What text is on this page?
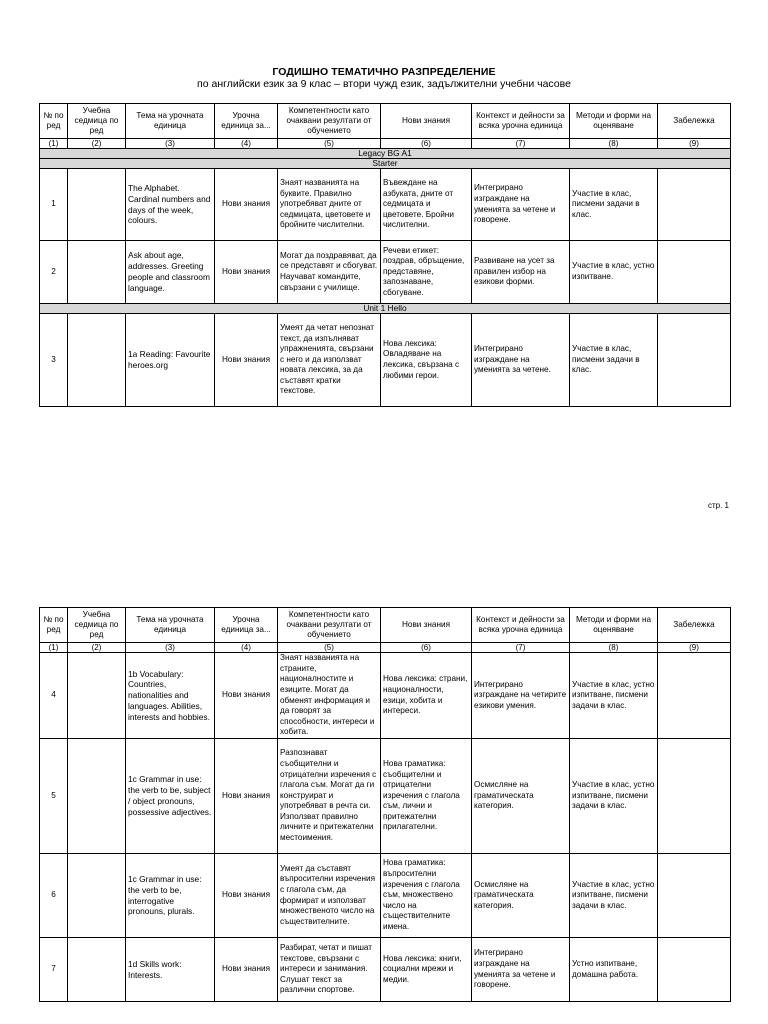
ГОДИШНО ТЕМАТИЧНО РАЗПРЕДЕЛЕНИЕ
по английски език за 9 клас – втори чужд език, задължителни учебни часове
№ по ред	Учебна седмица по ред	Тема на урочната единица	Урочна единица за...	Компетентности като очаквани резултати от обучението	Нови знания	Контекст и дейности за всяка урочна единица	Методи и форми на оценяване	Забележка
(1)	(2)	(3)	(4)	(5)	(6)	(7)	(8)	(9)
Legacy BG A1								
Starter								
1		The Alphabet. Cardinal numbers and days of the week, colours.	Нови знания	Знаят названията на буквите. Правилно употребяват дните от седмицата, цветовете и бройните числителни.	Въвеждане на азбуката, дните от седмицата и цветовете. Бройни числителни.	Интегрирано изграждане на уменията за четене и говорене.	Участие в клас, писмени задачи в клас.	
2		Ask about age, addresses. Greeting people and classroom language.	Нови знания	Могат да поздравяват, да се представят и сбогуват. Научават командите, свързани с училище.	Речеви етикет: поздрав, обръщение, представяне, запознаване, сбогуване.	Развиване на усет за правилен избор на езикови форми.	Участие в клас, устно изпитване.	
Unit 1 Hello								
3		1a Reading: Favourite heroes.org	Нови знания	Умеят да четат непознат текст, да изпълняват упражненията, свързани с него и да използват новата лексика, за да съставят кратки текстове.	Нова лексика: Овладяване на лексика, свързана с любими герои.	Интегрирано изграждане на уменията за четене.	Участие в клас, писмени задачи в клас.	
стр. 1
№ по ред	Учебна седмица по ред	Тема на урочната единица	Урочна единица за...	Компетентности като очаквани резултати от обучението	Нови знания	Контекст и дейности за всяка урочна единица	Методи и форми на оценяване	Забележка
(1)	(2)	(3)	(4)	(5)	(6)	(7)	(8)	(9)
4		1b Vocabulary: Countries, nationalities and languages. Abilities, interests and hobbies.	Нови знания	Знаят названията на страните, националностите и езиците. Могат да обменят информация и да говорят за способности, интереси и хобита.	Нова лексика: страни, националности, езици, хобита и интереси.	Интегрирано изграждане на четирите езикови умения.	Участие в клас, устно изпитване, писмени задачи в клас.	
5		1c Grammar in use: the verb to be, subject / object pronouns, possessive adjectives.	Нови знания	Разпознават съобщителни и отрицателни изречения с глагола съм. Могат да ги конструират и употребяват в речта си. Използват правилно личните и притежателни местоимения.	Нова граматика: съобщителни и отрицателни изречения с глагола съм, лични и притежателни прилагателни.	Осмисляне на граматическата категория.	Участие в клас, устно изпитване, писмени задачи в клас.	
6		1c Grammar in use: the verb to be, interrogative pronouns, plurals.	Нови знания	Умеят да съставят въпросителни изречения с глагола съм, да формират и използват множественото число на съществителните.	Нова граматика: въпросителни изречения с глагола съм, множествено число на съществителните имена.	Осмисляне на граматическата категория.	Участие в клас, устно изпитване, писмени задачи в клас.	
7		1d Skills work: Interests.	Нови знания	Разбират, четат и пишат текстове, свързани с интереси и занимания. Слушат текст за различни спортове.	Нова лексика: книги, социални мрежи и медии.	Интегрирано изграждане на уменията за четене и говорене.	Устно изпитване, домашна работа.	
